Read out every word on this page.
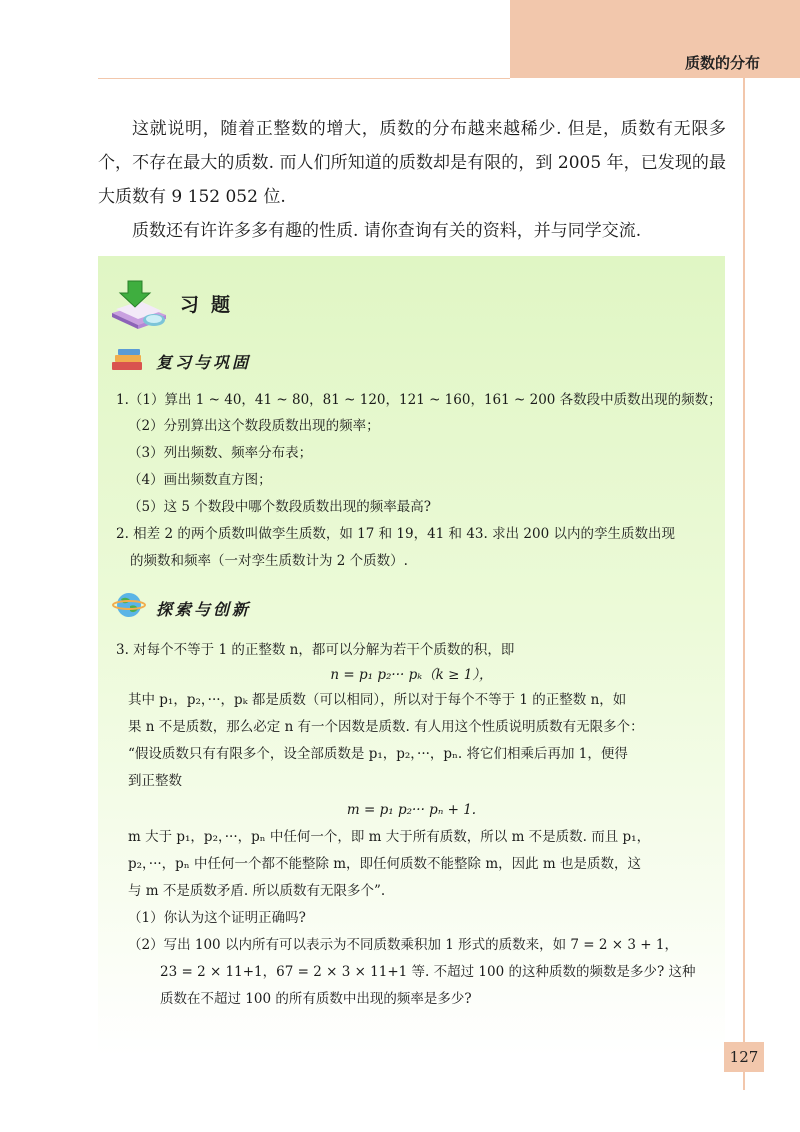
质数的分布

这就说明，随着正整数的增大，质数的分布越来越稀少. 但是，质数有无限多个，不存在最大的质数. 而人们所知道的质数却是有限的，到 2005 年，已发现的最大质数有 9 152 052 位.

质数还有许许多多有趣的性质. 请你查询有关的资料，并与同学交流.

习题
复习与巩固
1.（1）算出 1 ~ 40，41 ~ 80，81 ~ 120，121 ~ 160，161 ~ 200 各数段中质数出现的频数；
（2）分别算出这个数段质数出现的频率；
（3）列出频数、频率分布表；
（4）画出频数直方图；
（5）这 5 个数段中哪个数段质数出现的频率最高?
2. 相差 2 的两个质数叫做孪生质数，如 17 和 19，41 和 43. 求出 200 以内的孪生质数出现
的频数和频率（一对孪生质数计为 2 个质数）.
探索与创新
3. 对每个不等于 1 的正整数 n，都可以分解为若干个质数的积，即
n = p₁ p₂··· pₖ（k ≥ 1），
其中 p₁，p₂，···，pₖ 都是质数（可以相同），所以对于每个不等于 1 的正整数 n，如
果 n 不是质数，那么必定 n 有一个因数是质数. 有人用这个性质说明质数有无限多个：
“假设质数只有有限多个，设全部质数是 p₁，p₂，···，pₙ. 将它们相乘后再加 1，便得
到正整数
m = p₁ p₂··· pₙ + 1.
m 大于 p₁，p₂，···，pₙ 中任何一个，即 m 大于所有质数，所以 m 不是质数. 而且 p₁，
p₂，···，pₙ 中任何一个都不能整除 m，即任何质数不能整除 m，因此 m 也是质数，这
与 m 不是质数矛盾. 所以质数有无限多个”.
（1）你认为这个证明正确吗?
（2）写出 100 以内所有可以表示为不同质数乘积加 1 形式的质数来，如 7 = 2 × 3 + 1，
23 = 2 × 11+1，67 = 2 × 3 × 11+1 等. 不超过 100 的这种质数的频数是多少? 这种
质数在不超过 100 的所有质数中出现的频率是多少?
127
